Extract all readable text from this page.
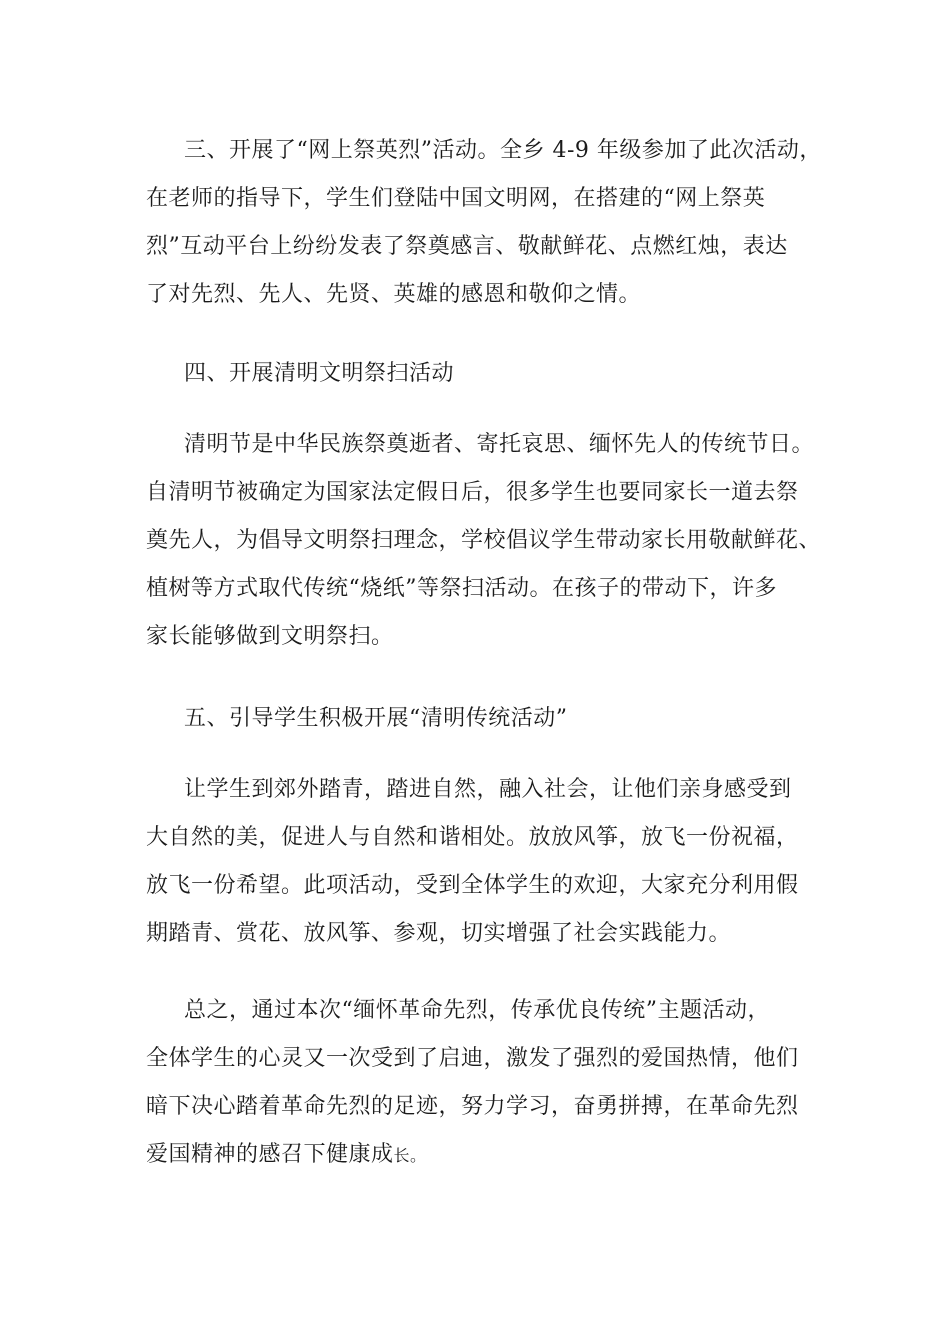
三、开展了“网上祭英烈”活动。全乡 4-9 年级参加了此次活动，
在老师的指导下，学生们登陆中国文明网，在搭建的“网上祭英
烈”互动平台上纷纷发表了祭奠感言、敬献鲜花、点燃红烛，表达
了对先烈、先人、先贤、英雄的感恩和敬仰之情。
四、开展清明文明祭扫活动
清明节是中华民族祭奠逝者、寄托哀思、缅怀先人的传统节日。
自清明节被确定为国家法定假日后，很多学生也要同家长一道去祭
奠先人，为倡导文明祭扫理念，学校倡议学生带动家长用敬献鲜花、
植树等方式取代传统“烧纸”等祭扫活动。在孩子的带动下，许多
家长能够做到文明祭扫。
五、引导学生积极开展“清明传统活动”
让学生到郊外踏青，踏进自然，融入社会，让他们亲身感受到
大自然的美，促进人与自然和谐相处。放放风筝，放飞一份祝福，
放飞一份希望。此项活动，受到全体学生的欢迎，大家充分利用假
期踏青、赏花、放风筝、参观，切实增强了社会实践能力。
总之，通过本次“缅怀革命先烈，传承优良传统”主题活动，
全体学生的心灵又一次受到了启迪，激发了强烈的爱国热情，他们
暗下决心踏着革命先烈的足迹，努力学习，奋勇拼搏，在革命先烈
爱国精神的感召下健康成长。
